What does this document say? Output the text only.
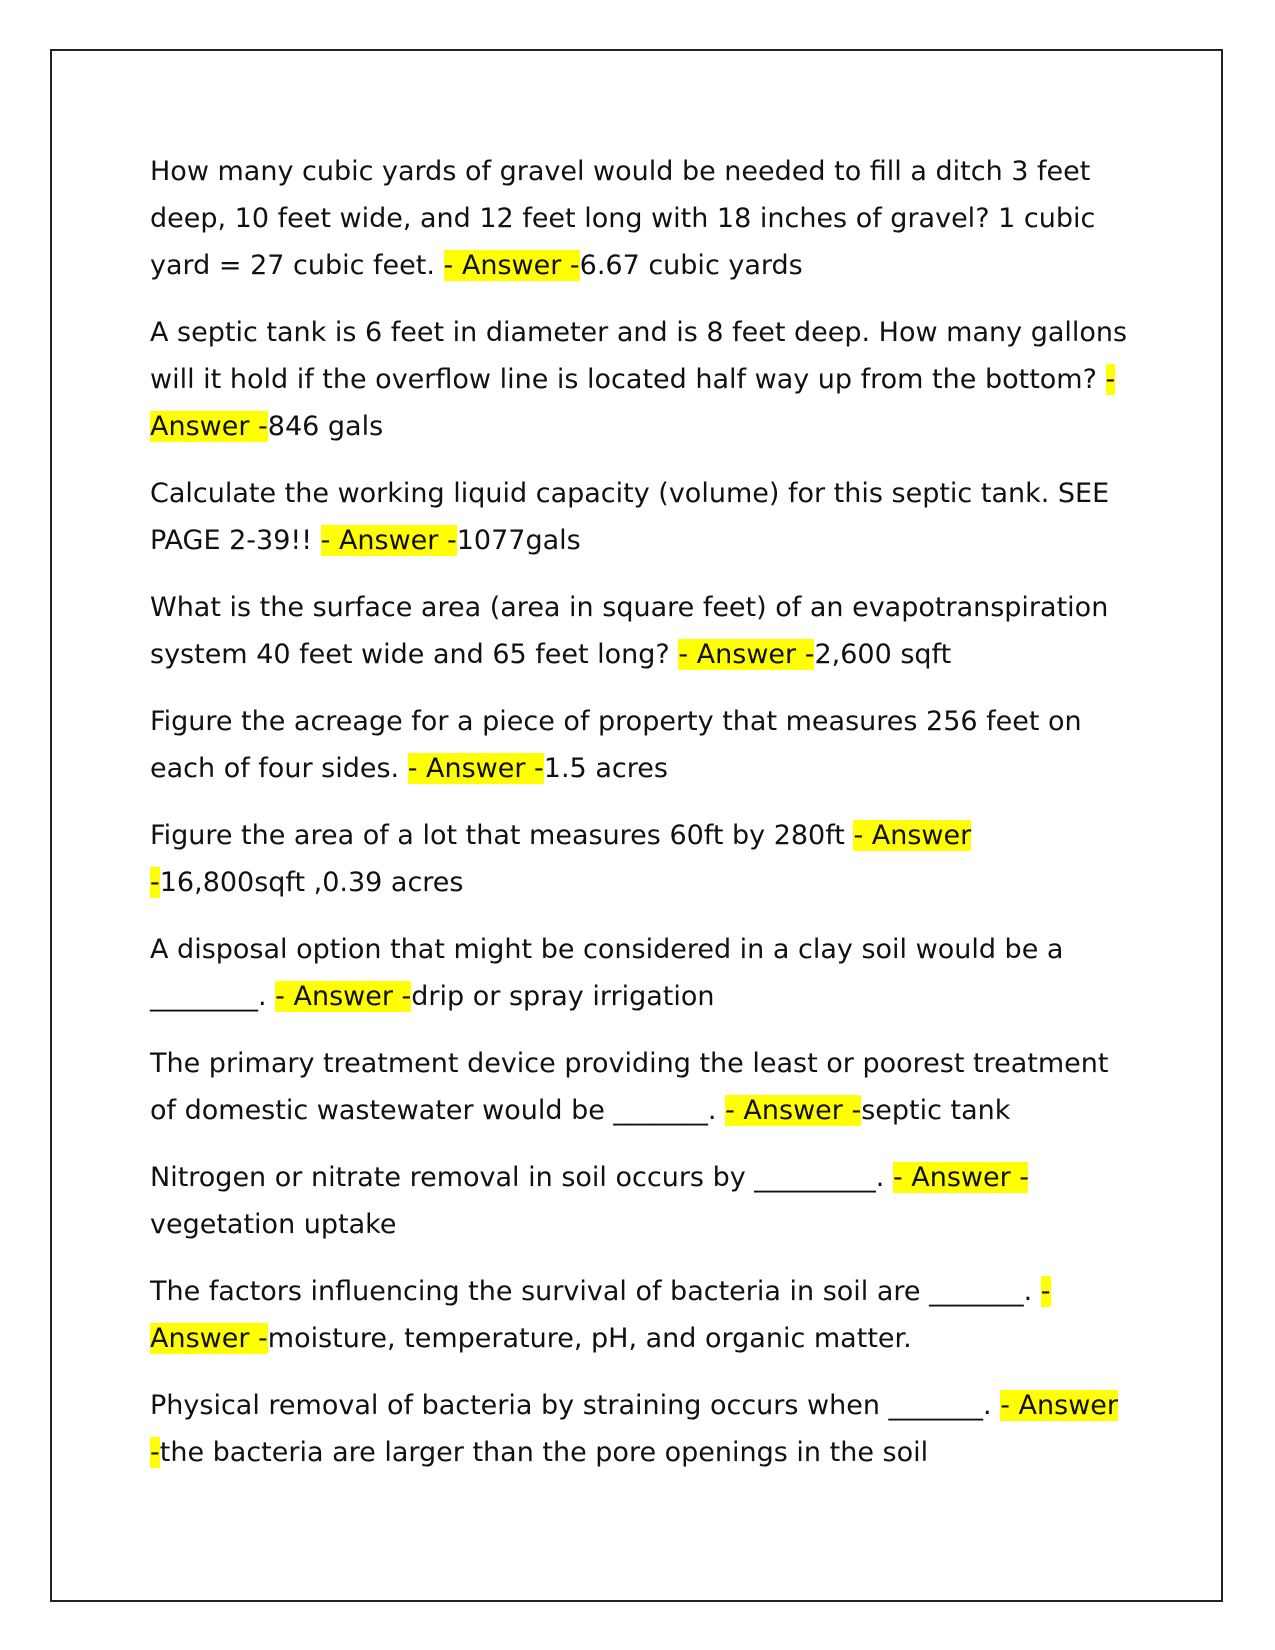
How many cubic yards of gravel would be needed to fill a ditch 3 feet deep, 10 feet wide, and 12 feet long with 18 inches of gravel? 1 cubic yard = 27 cubic feet. - Answer -6.67 cubic yards

A septic tank is 6 feet in diameter and is 8 feet deep. How many gallons will it hold if the overflow line is located half way up from the bottom? - Answer -846 gals

Calculate the working liquid capacity (volume) for this septic tank. SEE PAGE 2-39!! - Answer -1077gals

What is the surface area (area in square feet) of an evapotranspiration system 40 feet wide and 65 feet long? - Answer -2,600 sqft

Figure the acreage for a piece of property that measures 256 feet on each of four sides. - Answer -1.5 acres

Figure the area of a lot that measures 60ft by 280ft - Answer -16,800sqft ,0.39 acres

A disposal option that might be considered in a clay soil would be a ________. - Answer -drip or spray irrigation

The primary treatment device providing the least or poorest treatment of domestic wastewater would be _______. - Answer -septic tank

Nitrogen or nitrate removal in soil occurs by _________. - Answer -vegetation uptake

The factors influencing the survival of bacteria in soil are _______. - Answer -moisture, temperature, pH, and organic matter.

Physical removal of bacteria by straining occurs when _______. - Answer -the bacteria are larger than the pore openings in the soil
